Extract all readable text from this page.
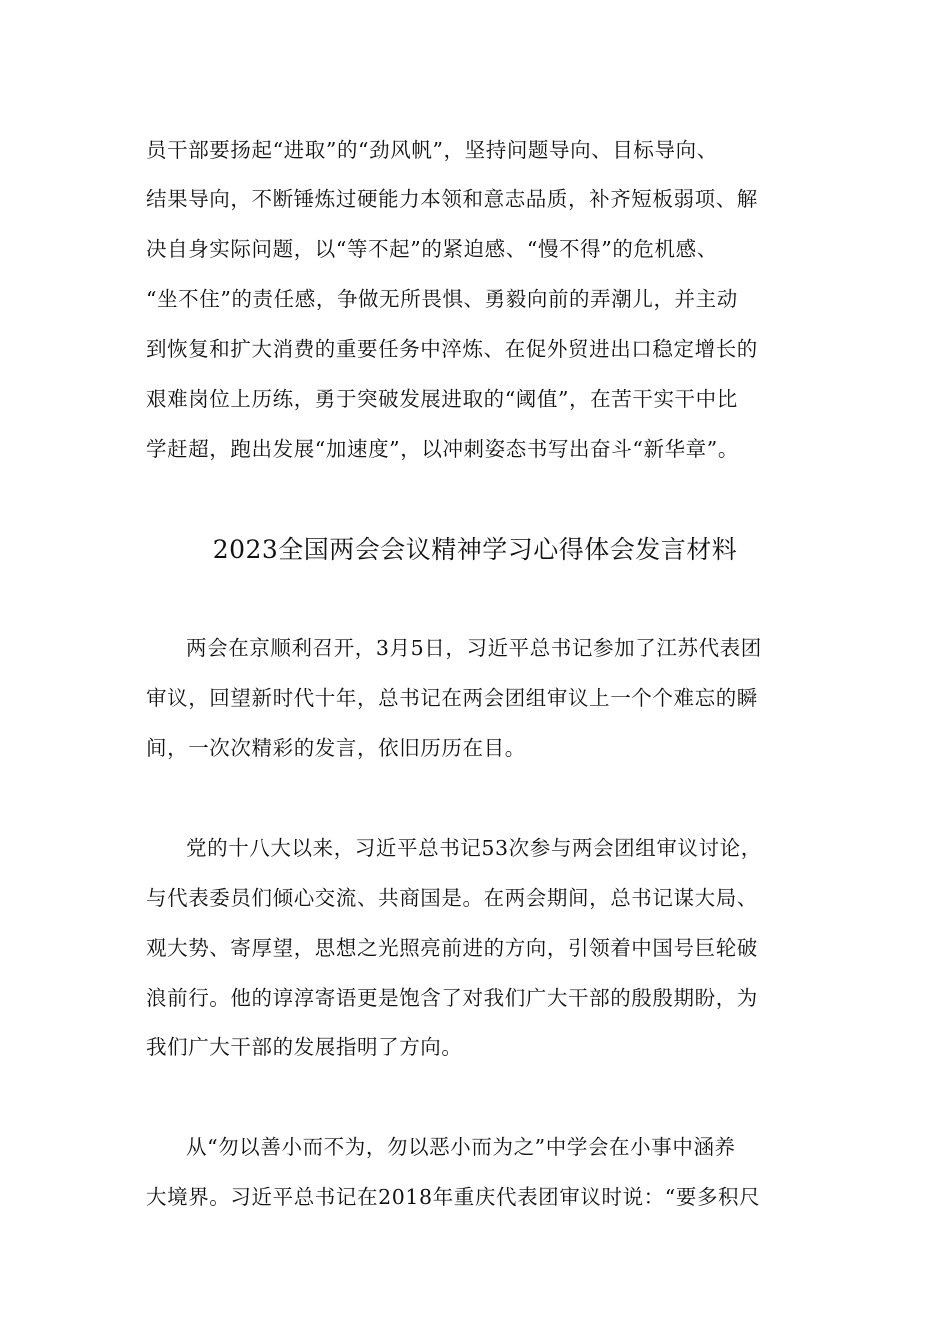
员干部要扬起“进取”的“劲风帆”，坚持问题导向、目标导向、
结果导向，不断锤炼过硬能力本领和意志品质，补齐短板弱项、解
决自身实际问题，以“等不起”的紧迫感、“慢不得”的危机感、
“坐不住”的责任感，争做无所畏惧、勇毅向前的弄潮儿，并主动
到恢复和扩大消费的重要任务中淬炼、在促外贸进出口稳定增长的
艰难岗位上历练，勇于突破发展进取的“阈值”，在苦干实干中比
学赶超，跑出发展“加速度”，以冲刺姿态书写出奋斗“新华章”。
2023全国两会会议精神学习心得体会发言材料
两会在京顺利召开，3月5日，习近平总书记参加了江苏代表团
审议，回望新时代十年，总书记在两会团组审议上一个个难忘的瞬
间，一次次精彩的发言，依旧历历在目。
党的十八大以来，习近平总书记53次参与两会团组审议讨论，
与代表委员们倾心交流、共商国是。在两会期间，总书记谋大局、
观大势、寄厚望，思想之光照亮前进的方向，引领着中国号巨轮破
浪前行。他的谆淳寄语更是饱含了对我们广大干部的殷殷期盼，为
我们广大干部的发展指明了方向。
从“勿以善小而不为，勿以恶小而为之”中学会在小事中涵养
大境界。习近平总书记在2018年重庆代表团审议时说：“要多积尺
